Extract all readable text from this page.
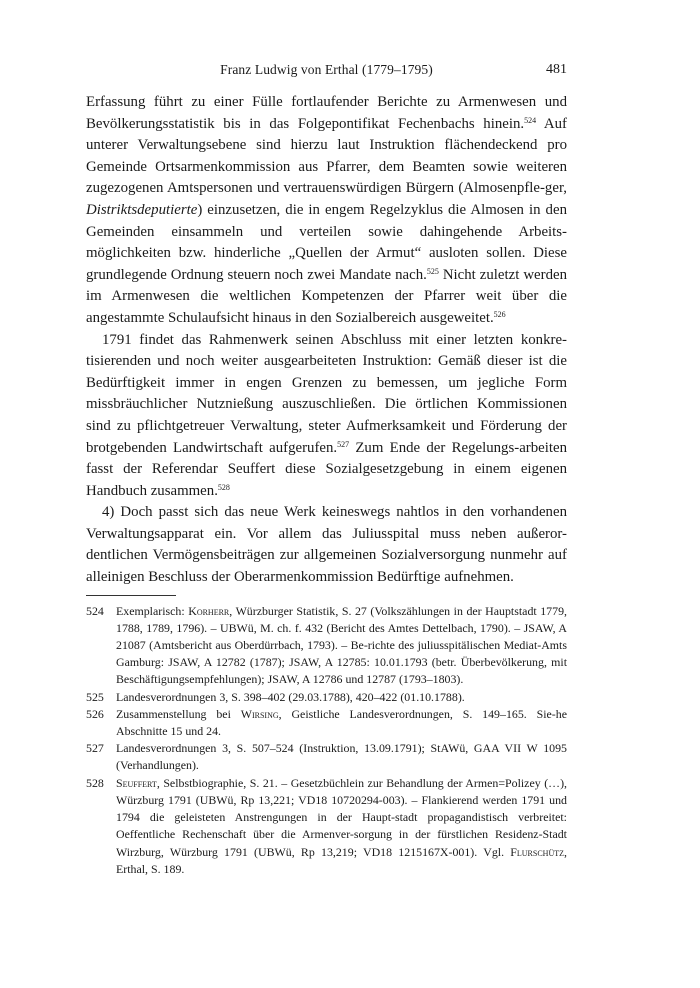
Franz Ludwig von Erthal (1779–1795)	481

Erfassung führt zu einer Fülle fortlaufender Berichte zu Armenwesen und Bevölkerungsstatistik bis in das Folgepontifikat Fechenbachs hinein.$^{524}$ Auf unterer Verwaltungsebene sind hierzu laut Instruktion flächendeckend pro Gemeinde Ortsarmenkommission aus Pfarrer, dem Beamten sowie weiteren zugezogenen Amtspersonen und vertrauenswürdigen Bürgern (Almosenpfle-ger, Distriktsdeputierte) einzusetzen, die in engem Regelzyklus die Almosen in den Gemeinden einsammeln und verteilen sowie dahingehende Arbeits-möglichkeiten bzw. hinderliche „Quellen der Armut“ ausloten sollen. Diese grundlegende Ordnung steuern noch zwei Mandate nach.$^{525}$ Nicht zuletzt werden im Armenwesen die weltlichen Kompetenzen der Pfarrer weit über die angestammte Schulaufsicht hinaus in den Sozialbereich ausgeweitet.$^{526}$

1791 findet das Rahmenwerk seinen Abschluss mit einer letzten konkre-tisierenden und noch weiter ausgearbeiteten Instruktion: Gemäß dieser ist die Bedürftigkeit immer in engen Grenzen zu bemessen, um jegliche Form missbräuchlicher Nutznießung auszuschließen. Die örtlichen Kommissionen sind zu pflichtgetreuer Verwaltung, steter Aufmerksamkeit und Förderung der brotgebenden Landwirtschaft aufgerufen.$^{527}$ Zum Ende der Regelungs-arbeiten fasst der Referendar Seuffert diese Sozialgesetzgebung in einem eigenen Handbuch zusammen.$^{528}$

4) Doch passt sich das neue Werk keineswegs nahtlos in den vorhandenen Verwaltungsapparat ein. Vor allem das Juliusspital muss neben außeror-dentlichen Vermögensbeiträgen zur allgemeinen Sozialversorgung nunmehr auf alleinigen Beschluss der Oberarmenkommission Bedürftige aufnehmen.

524	Exemplarisch: Korherr, Würzburger Statistik, S. 27 (Volkszählungen in der Hauptstadt 1779, 1788, 1789, 1796). – UBWü, M. ch. f. 432 (Bericht des Amtes Dettelbach, 1790). – JSAW, A 21087 (Amtsbericht aus Oberdürrbach, 1793). – Be-richte des juliusspitälischen Mediat-Amts Gamburg: JSAW, A 12782 (1787); JSAW, A 12785: 10.01.1793 (betr. Überbevölkerung, mit Beschäftigungsempfehlungen); JSAW, A 12786 und 12787 (1793–1803).
525	Landesverordnungen 3, S. 398–402 (29.03.1788), 420–422 (01.10.1788).
526	Zusammenstellung bei Wirsing, Geistliche Landesverordnungen, S. 149–165. Sie-he Abschnitte 15 und 24.
527	Landesverordnungen 3, S. 507–524 (Instruktion, 13.09.1791); StAWü, GAA VII W 1095 (Verhandlungen).
528	Seuffert, Selbstbiographie, S. 21. – Gesetzbüchlein zur Behandlung der Armen=Polizey (…), Würzburg 1791 (UBWü, Rp 13,221; VD18 10720294-003). – Flankierend werden 1791 und 1794 die geleisteten Anstrengungen in der Haupt-stadt propagandistisch verbreitet: Oeffentliche Rechenschaft über die Armenver-sorgung in der fürstlichen Residenz-Stadt Wirzburg, Würzburg 1791 (UBWü, Rp 13,219; VD18 1215167X-001). Vgl. Flurschütz, Erthal, S. 189.
